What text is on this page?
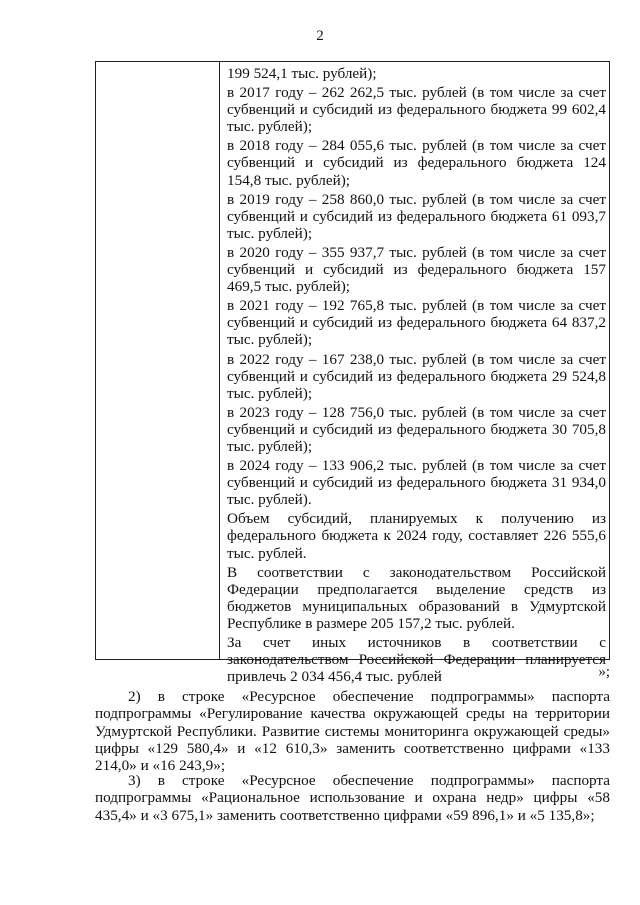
2

199 524,1 тыс. рублей);

в 2017 году – 262 262,5 тыс. рублей (в том числе за счет субвенций и субсидий из федерального бюджета 99 602,4 тыс. рублей);

в 2018 году – 284 055,6 тыс. рублей (в том числе за счет субвенций и субсидий из федерального бюджета 124 154,8 тыс. рублей);

в 2019 году – 258 860,0 тыс. рублей (в том числе за счет субвенций и субсидий из федерального бюджета 61 093,7 тыс. рублей);

в 2020 году – 355 937,7 тыс. рублей (в том числе за счет субвенций и субсидий из федерального бюджета 157 469,5 тыс. рублей);

в 2021 году – 192 765,8 тыс. рублей (в том числе за счет субвенций и субсидий из федерального бюджета 64 837,2 тыс. рублей);

в 2022 году – 167 238,0 тыс. рублей (в том числе за счет субвенций и субсидий из федерального бюджета 29 524,8 тыс. рублей);

в 2023 году – 128 756,0 тыс. рублей (в том числе за счет субвенций и субсидий из федерального бюджета 30 705,8 тыс. рублей);

в 2024 году – 133 906,2 тыс. рублей (в том числе за счет субвенций и субсидий из федерального бюджета 31 934,0 тыс. рублей).

Объем субсидий, планируемых к получению из федерального бюджета к 2024 году, составляет 226 555,6 тыс. рублей.

В соответствии с законодательством Российской Федерации предполагается выделение средств из бюджетов муниципальных образований в Удмуртской Республике в размере 205 157,2 тыс. рублей.

За счет иных источников в соответствии с законодательством Российской Федерации планируется привлечь 2 034 456,4 тыс. рублей	»;
2) в строке «Ресурсное обеспечение подпрограммы» паспорта подпрограммы «Регулирование качества окружающей среды на территории Удмуртской Республики. Развитие системы мониторинга окружающей среды» цифры «129 580,4» и «12 610,3» заменить соответственно цифрами «133 214,0» и «16 243,9»;
3) в строке «Ресурсное обеспечение подпрограммы» паспорта подпрограммы «Рациональное использование и охрана недр» цифры «58 435,4» и «3 675,1» заменить соответственно цифрами «59 896,1» и «5 135,8»;
